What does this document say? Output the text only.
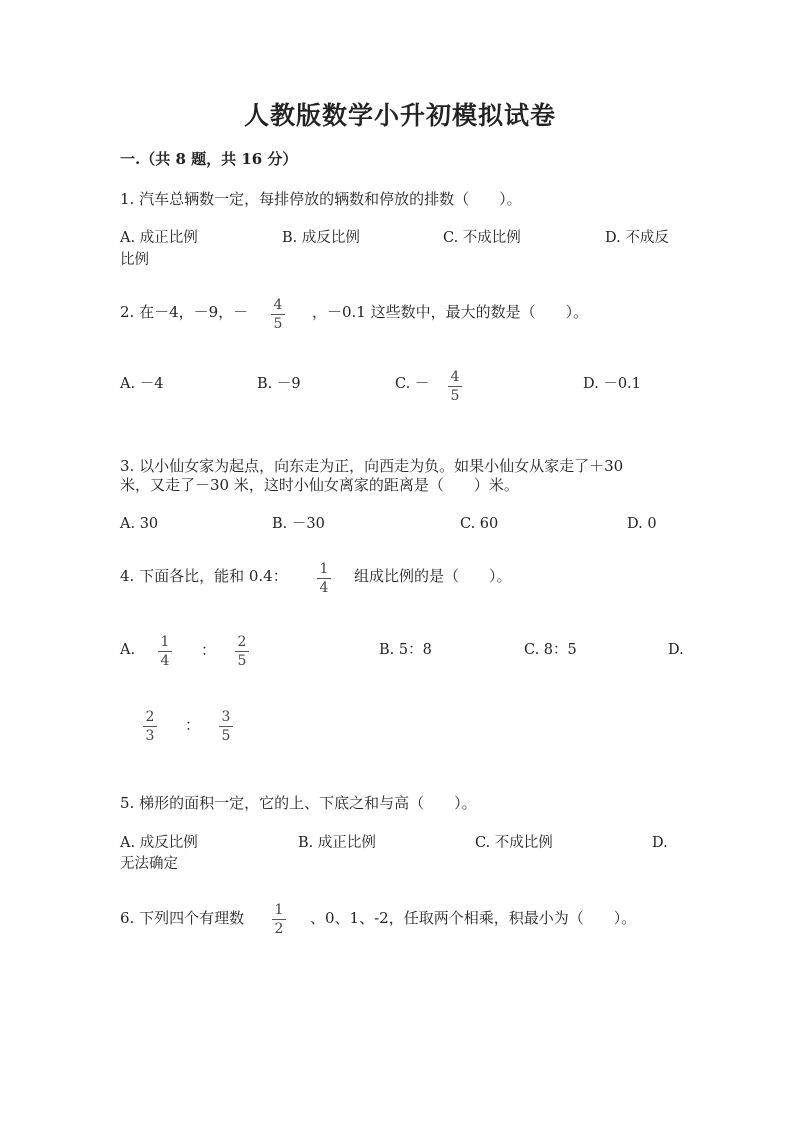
人教版数学小升初模拟试卷
一.（共 8 题，共 16 分）
1. 汽车总辆数一定，每排停放的辆数和停放的排数（　　）。
A. 成正比例	B. 成反比例	C. 不成比例	D. 不成反
比例
2. 在－4，－9，－ 4
5
，－0.1 这些数中，最大的数是（　　）。
A. －4	B. －9	C. － 4
5
D. －0.1
3. 以小仙女家为起点，向东走为正，向西走为负。如果小仙女从家走了＋30
米，又走了－30 米，这时小仙女离家的距离是（　　）米。
A. 30	B. －30	C. 60	D. 0
4. 下面各比，能和 0.4： 1
4
组成比例的是（　　）。
A. 1
4
： 2
5
B. 5：8	C. 8：5	D.
2
3
： 3
5
5. 梯形的面积一定，它的上、下底之和与高（　　）。
A. 成反比例	B. 成正比例	C. 不成比例	D.
无法确定
6. 下列四个有理数 1
2
、0、1、-2，任取两个相乘，积最小为（　　）。
